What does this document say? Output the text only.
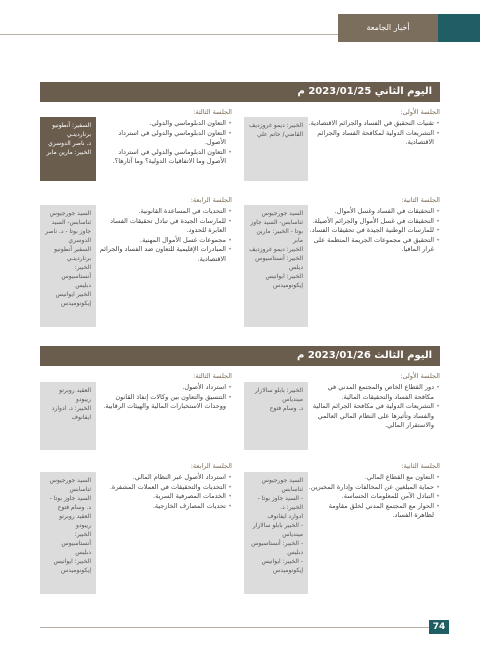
أخبار الجامعة
اليوم الثاني 2023/01/25 م
الجلسة الأولى:
• تقنيات التحقيق في الفساد والجرائم الاقتصادية.
• التشريعات الدولية لمكافحة الفساد والجرائم الاقتصادية.
الخبير: ديمو غروزديف
القاضي/ حاتم علي
الجلسة الثالثة:
• التعاون الدبلوماسي والدولي.
• التعاون الدبلوماسي والدولي في استرداد الأصول.
• التعاون الدبلوماسي والدولي في استرداد الأصول وما الاتفاقيات الدولية؟ وما آثارها؟.
السفير: أنطونيو برناردينـي
د. ناصر الدوسري
الخبير: مارين مابر
الجلسة الثانية:
• التحقيقات في الفساد وغسل الأموال.
• التحقيقات في غسل الأموال والجرائم الأصيلة.
• للمارسات الوطنية الجيدة في تحقيقات الفساد.
• التحقيق في مجموعات الجريمة المنظمة على غرار المافيا.
السيد جورجيوس ثناسابس- السيد جاوز بوتا - الخبير: مارين مابر
الخبير: ديمو غروزديف
الخبير: أنستاسيوس ديلس
الخبير: ايوانيس إيكونوميدس
الجلسة الرابعة:
• التحديات في المساعدة القانونية.
• للمارسات الجيدة في تبادل تحقيقات الفساد العابرة للحدود.
• مجموعات غسل الأموال المهنية.
• المبادرات الإقليمية للتعاون ضد الفساد والجرائم الاقتصادية.
السيد جورجيوس ثناسابس- السيد جاوز بوتا - د. ناصر الدوسري
السفير أنطونيو برناردينـي
الخبير: أنستاسيوس دبليس
الخبير ايوانيس إيكونوميدس
اليوم الثالث 2023/01/26 م
الجلسة الأولى:
• دور القطاع الخاص والمجتمع المدني في مكافحة الفساد والتحقيقات المالية.
• التشريعات الدولية في مكافحة الجرائم المالية والفساد وتأثيرها على النظام المالي العالمي والاستقرار المالي.
الخبير: بابلو سالازار
ميندياس
د. وسام فتوح
الجلسة الثالثة:
• استرداد الأصول.
• التنسيق والتعاون بين وكالات إنفاذ القانون ووحدات الاستخبارات المالية والهيئات الرقابية.
العقيد روبرتو ريبودو
الخبير: د. ادوارد ايفانوف
الجلسة الثانية:
• التعاون مع القطاع المالي.
• حماية المبلغين عن المخالفات وإدارة المخبرين.
• التبادل الآمن للمعلومات الحساسة.
• الحوار مع المجتمع المدني لخلق مقاومة لظاهرة الفساد.
السيد جورجيوس ثناسابس
- السيد جاوز بوتا - الخبير: د.
ادوارد ايفانوف
- الخبير بابلو سالازار ميندياس
- الخبير: أنستاسيوس دبليس
- الخبير: ايوانيس إيكونوميدس
الجلسة الرابعة:
• استرداد الأصول عبر النظام المالي.
• التحديات والتحقيقات في العملات المشفرة.
• الخدمات المصرفية السرية.
• تحديات المصارف الخارجية.
السيد جورجيوس ثناسابس
السيد جاوز بوتا - د. وسام فتوح
العقيد روبرتو ريبودو
الخبير: أنستاسيوس دبليس
الخبير: ايوانيس إيكونوميدس
74
